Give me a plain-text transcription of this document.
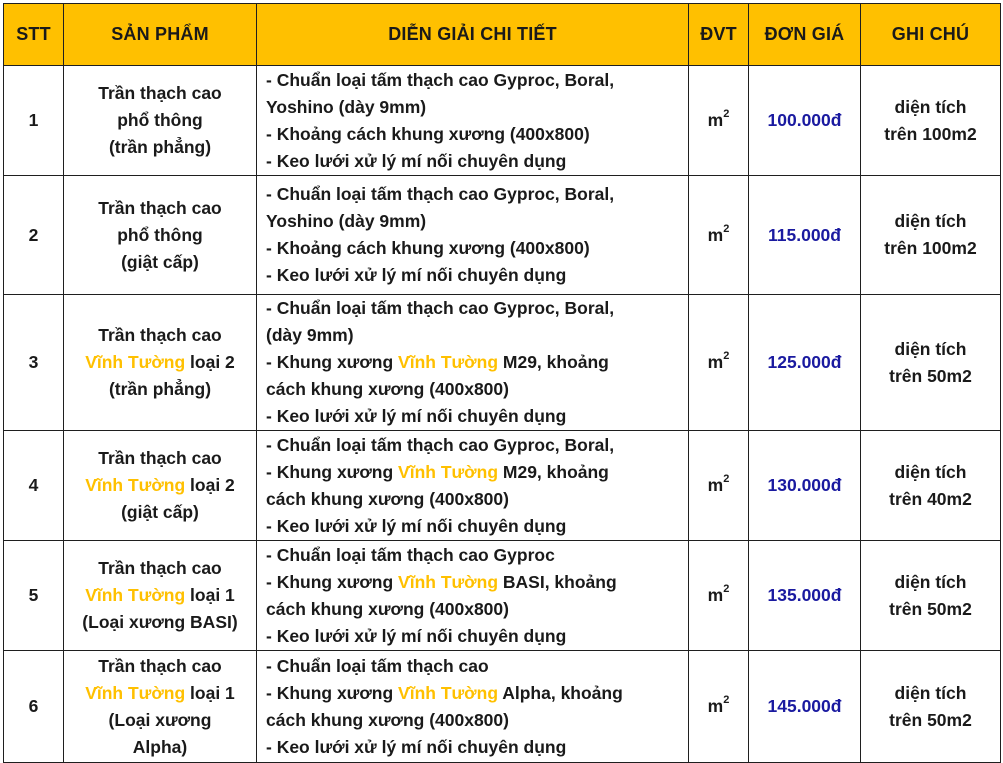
STT	SẢN PHẨM	DIỄN GIẢI CHI TIẾT	ĐVT	ĐƠN GIÁ	GHI CHÚ
1	Trần thạch cao
phổ thông
(trần phẳng)	- Chuẩn loại tấm thạch cao Gyproc, Boral,
Yoshino (dày 9mm)
- Khoảng cách khung xương (400x800)
- Keo lưới xử lý mí nối chuyên dụng	$m^2$	100.000đ	diện tích
trên 100m2

2	Trần thạch cao
phổ thông
(giật cấp)	- Chuẩn loại tấm thạch cao Gyproc, Boral,
Yoshino (dày 9mm)
- Khoảng cách khung xương (400x800)
- Keo lưới xử lý mí nối chuyên dụng	$m^2$	115.000đ	diện tích
trên 100m2

3	Trần thạch cao
Vĩnh Tường loại 2
(trần phẳng)	- Chuẩn loại tấm thạch cao Gyproc, Boral,
(dày 9mm)
- Khung xương Vĩnh Tường M29, khoảng
cách khung xương (400x800)
- Keo lưới xử lý mí nối chuyên dụng	$m^2$	125.000đ	diện tích
trên 50m2

4	Trần thạch cao
Vĩnh Tường loại 2
(giật cấp)	- Chuẩn loại tấm thạch cao Gyproc, Boral,
- Khung xương Vĩnh Tường M29, khoảng
cách khung xương (400x800)
- Keo lưới xử lý mí nối chuyên dụng	$m^2$	130.000đ	diện tích
trên 40m2

5	Trần thạch cao
Vĩnh Tường loại 1
(Loại xương BASI)	- Chuẩn loại tấm thạch cao Gyproc
- Khung xương Vĩnh Tường BASI, khoảng
cách khung xương (400x800)
- Keo lưới xử lý mí nối chuyên dụng	$m^2$	135.000đ	diện tích
trên 50m2

6	Trần thạch cao
Vĩnh Tường loại 1
(Loại xương
Alpha)	- Chuẩn loại tấm thạch cao
- Khung xương Vĩnh Tường Alpha, khoảng
cách khung xương (400x800)
- Keo lưới xử lý mí nối chuyên dụng	$m^2$	145.000đ	diện tích
trên 50m2
